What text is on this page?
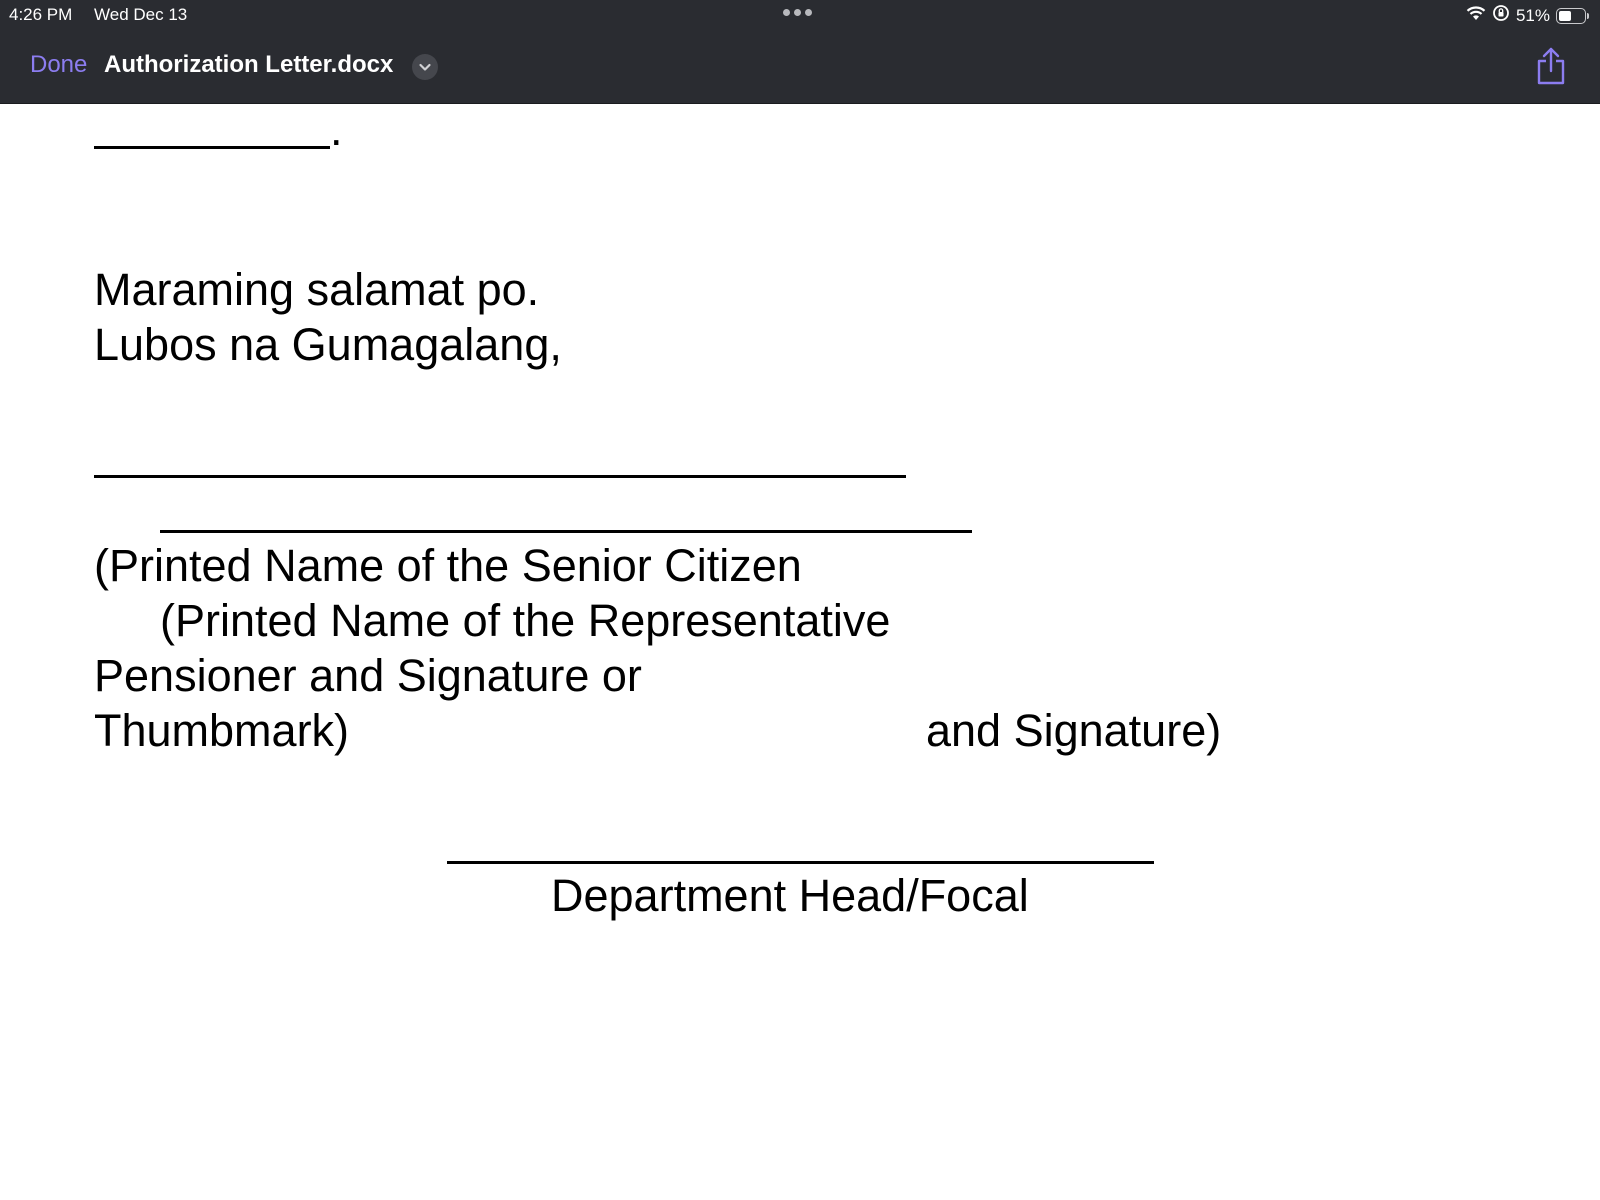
4:26 PM Wed Dec 13	51%
Done Authorization Letter.docx
.
Maraming salamat po.
Lubos na Gumagalang,
(Printed Name of the Senior Citizen
(Printed Name of the Representative
Pensioner and Signature or
Thumbmark)	and Signature)
Department Head/Focal
